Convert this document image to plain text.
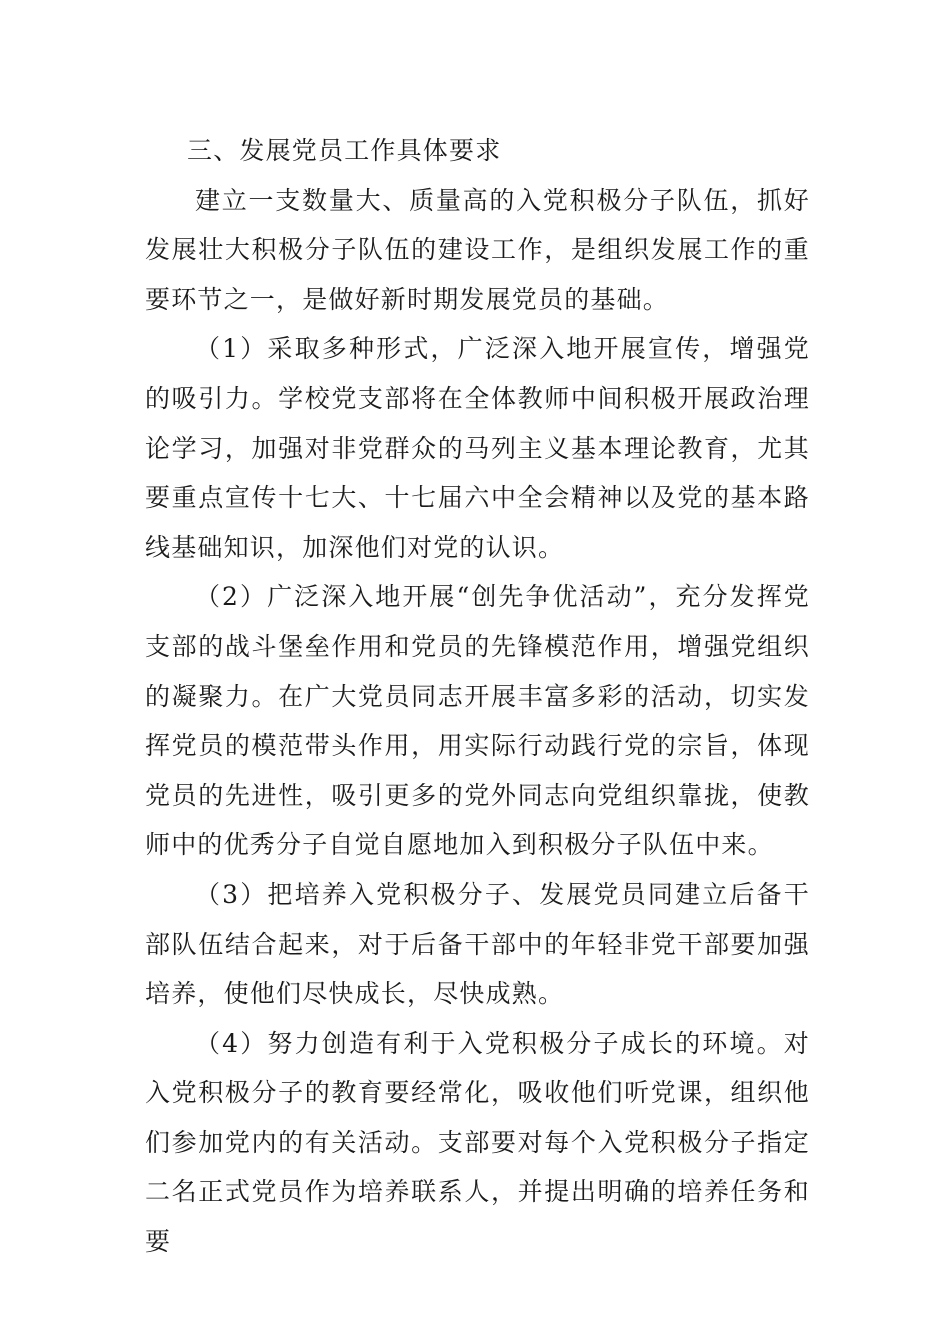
三、发展党员工作具体要求

建立一支数量大、质量高的入党积极分子队伍，抓好发展壮大积极分子队伍的建设工作，是组织发展工作的重要环节之一，是做好新时期发展党员的基础。

（1）采取多种形式，广泛深入地开展宣传，增强党的吸引力。学校党支部将在全体教师中间积极开展政治理论学习，加强对非党群众的马列主义基本理论教育，尤其要重点宣传十七大、十七届六中全会精神以及党的基本路线基础知识，加深他们对党的认识。

（2）广泛深入地开展“创先争优活动”，充分发挥党支部的战斗堡垒作用和党员的先锋模范作用，增强党组织的凝聚力。在广大党员同志开展丰富多彩的活动，切实发挥党员的模范带头作用，用实际行动践行党的宗旨，体现党员的先进性，吸引更多的党外同志向党组织靠拢，使教师中的优秀分子自觉自愿地加入到积极分子队伍中来。

（3）把培养入党积极分子、发展党员同建立后备干部队伍结合起来，对于后备干部中的年轻非党干部要加强培养，使他们尽快成长，尽快成熟。

（4）努力创造有利于入党积极分子成长的环境。对入党积极分子的教育要经常化，吸收他们听党课，组织他们参加党内的有关活动。支部要对每个入党积极分子指定二名正式党员作为培养联系人，并提出明确的培养任务和要
